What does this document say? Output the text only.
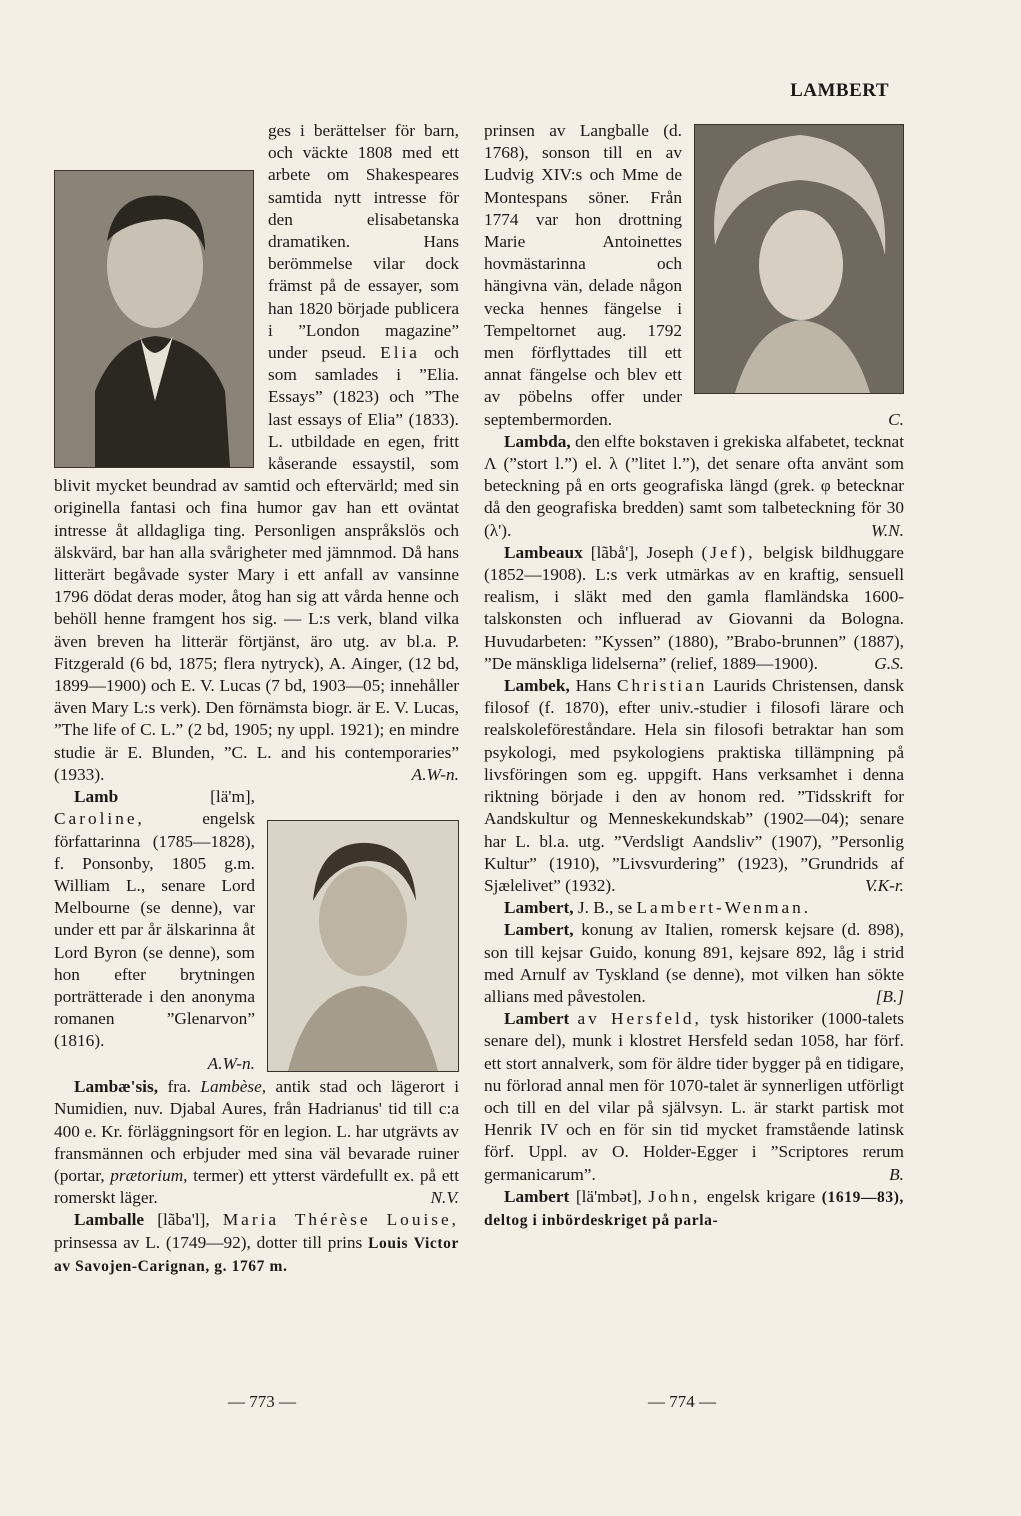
LAMBERT

ges i berättelser för barn, och väckte 1808 med ett arbete om Shakespeares samtida nytt intresse för den elisabetanska dramatiken. Hans berömmelse vilar dock främst på de essayer, som han 1820 började publicera i ”London magazine” under pseud. Elia och som samlades i ”Elia. Essays” (1823) och ”The last essays of Elia” (1833). L. utbildade en egen, fritt kåserande essaystil, som blivit mycket beundrad av samtid och eftervärld; med sin originella fantasi och fina humor gav han ett oväntat intresse åt alldagliga ting. Personligen anspråkslös och älskvärd, bar han alla svårigheter med jämnmod. Då hans litterärt begåvade syster Mary i ett anfall av vansinne 1796 dödat deras moder, åtog han sig att vårda henne och behöll henne framgent hos sig. — L:s verk, bland vilka även breven ha litterär förtjänst, äro utg. av bl.a. P. Fitzgerald (6 bd, 1875; flera nytryck), A. Ainger, (12 bd, 1899—1900) och E. V. Lucas (7 bd, 1903—05; innehåller även Mary L:s verk). Den förnämsta biogr. är E. V. Lucas, ”The life of C. L.” (2 bd, 1905; ny uppl. 1921); en mindre studie är E. Blunden, ”C. L. and his contemporaries” (1933).	A.W-n.

Lamb	[lä'm], Caroline,	engelsk författarinna (1785—1828), f. Ponsonby, 1805 g.m. William L., senare Lord Melbourne (se denne), var under ett par år älskarinna åt Lord Byron (se denne), som hon efter brytningen porträtterade i den anonyma romanen ”Glenarvon” (1816).
A.W-n.

Lambæ'sis, fra. Lambèse, antik stad och lägerort i Numidien, nuv. Djabal Aures, från Hadrianus' tid till c:a 400 e. Kr. förläggningsort för en legion. L. har utgrävts av fransmännen och erbjuder med sina väl bevarade ruiner (portar, prætorium, termer) ett ytterst värdefullt ex. på ett romerskt läger.	N.V.

Lamballe [lãba'l], Maria Thérèse Louise, prinsessa av L. (1749—92), dotter till prins Louis Victor av Savojen-Carignan, g. 1767 m.

prinsen av Langballe (d. 1768), sonson till en av Ludvig XIV:s och Mme de Montespans söner. Från 1774 var hon drottning Marie Antoinettes hovmästarinna och hängivna vän, delade någon vecka hennes fängelse i Tempeltornet aug. 1792 men förflyttades till ett annat fängelse och blev ett av pöbelns offer under septembermorden.	C.

Lambda, den elfte bokstaven i grekiska alfabetet, tecknat Λ (”stort l.”) el. λ (”litet l.”), det senare ofta använt som beteckning på en orts geografiska längd (grek. φ betecknar då den geografiska bredden) samt som talbeteckning för 30 (λ').	W.N.

Lambeaux [lãbå'], Joseph (Jef), belgisk bildhuggare (1852—1908). L:s verk utmärkas av en kraftig, sensuell realism, i släkt med den gamla flamländska 1600-talskonsten och influerad av Giovanni da Bologna. Huvudarbeten: ”Kyssen” (1880), ”Brabo-brunnen” (1887), ”De mänskliga lidelserna” (relief, 1889—1900).	G.S.

Lambek, Hans Christian Laurids Christensen, dansk filosof (f. 1870), efter univ.-studier i filosofi lärare och realskoleföreståndare. Hela sin filosofi betraktar han som psykologi, med psykologiens praktiska tillämpning på livsföringen som eg. uppgift. Hans verksamhet i denna riktning började i den av honom red. ”Tidsskrift for Aandskultur og Menneskekundskab” (1902—04); senare har L. bl.a. utg. ”Verdsligt Aandsliv” (1907), ”Personlig Kultur” (1910), ”Livsvurdering” (1923), ”Grundrids af Sjælelivet” (1932).	V.K-r.

Lambert, J. B., se Lambert-Wenman.

Lambert, konung av Italien, romersk kejsare (d. 898), son till kejsar Guido, konung 891, kejsare 892, låg i strid med Arnulf av Tyskland (se denne), mot vilken han sökte allians med påvestolen.	[B.]

Lambert av Hersfeld, tysk historiker (1000-talets senare del), munk i klostret Hersfeld sedan 1058, har förf. ett stort annalverk, som för äldre tider bygger på en tidigare, nu förlorad annal men för 1070-talet är synnerligen utförligt och till en del vilar på självsyn. L. är starkt partisk mot Henrik IV och en för sin tid mycket framstående latinsk förf. Uppl. av O. Holder-Egger i ”Scriptores rerum germanicarum”.	B.

Lambert [lä'mbət], John, engelsk krigare (1619—83), deltog i inbördeskriget på parla-

— 773 —	— 774 —
